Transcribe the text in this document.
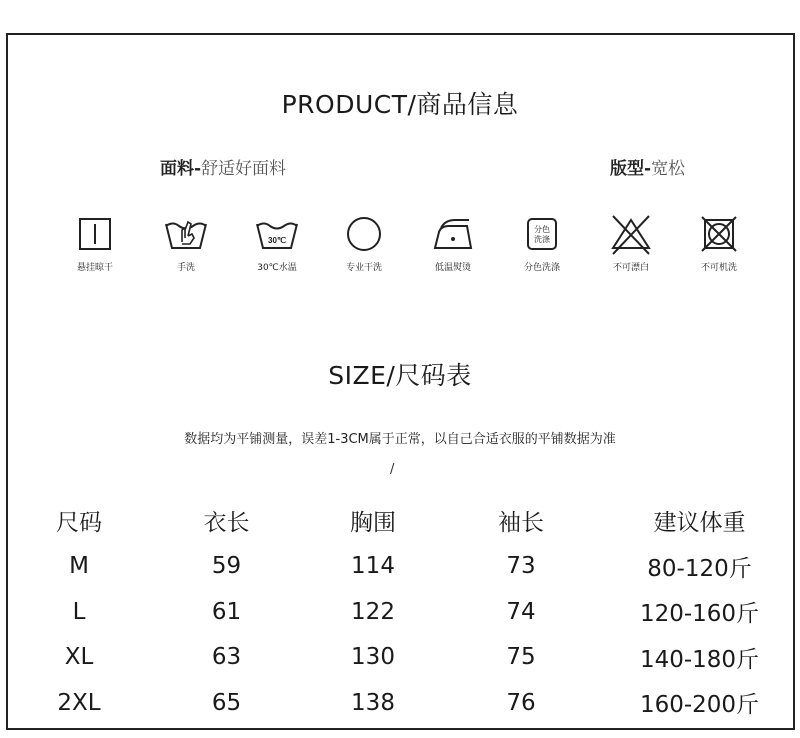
PRODUCT/商品信息
面料-舒适好面料	版型-宽松
悬挂晾干	手洗
30℃
30℃水温	专业干洗	低温熨烫
分色
洗涤
分色洗涤	不可漂白	不可机洗
SIZE/尺码表
数据均为平铺测量，误差1-3CM属于正常，以自己合适衣服的平铺数据为准
/
尺码	衣长	胸围	袖长	建议体重
M	59	114	73	80-120斤
L	61	122	74	120-160斤
XL	63	130	75	140-180斤
2XL	65	138	76	160-200斤
